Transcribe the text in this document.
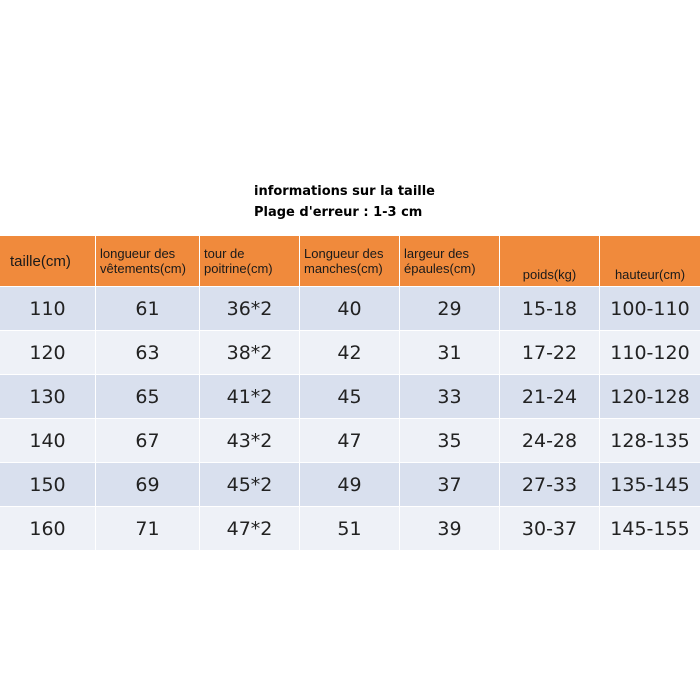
informations sur la taille
Plage d'erreur : 1-3 cm
taille(cm)	longueur des vêtements(cm)	tour de poitrine(cm)	Longueur des manches(cm)	largeur des épaules(cm)	poids(kg)	hauteur(cm)
110	61	36*2	40	29	15-18	100-110
120	63	38*2	42	31	17-22	110-120
130	65	41*2	45	33	21-24	120-128
140	67	43*2	47	35	24-28	128-135
150	69	45*2	49	37	27-33	135-145
160	71	47*2	51	39	30-37	145-155
